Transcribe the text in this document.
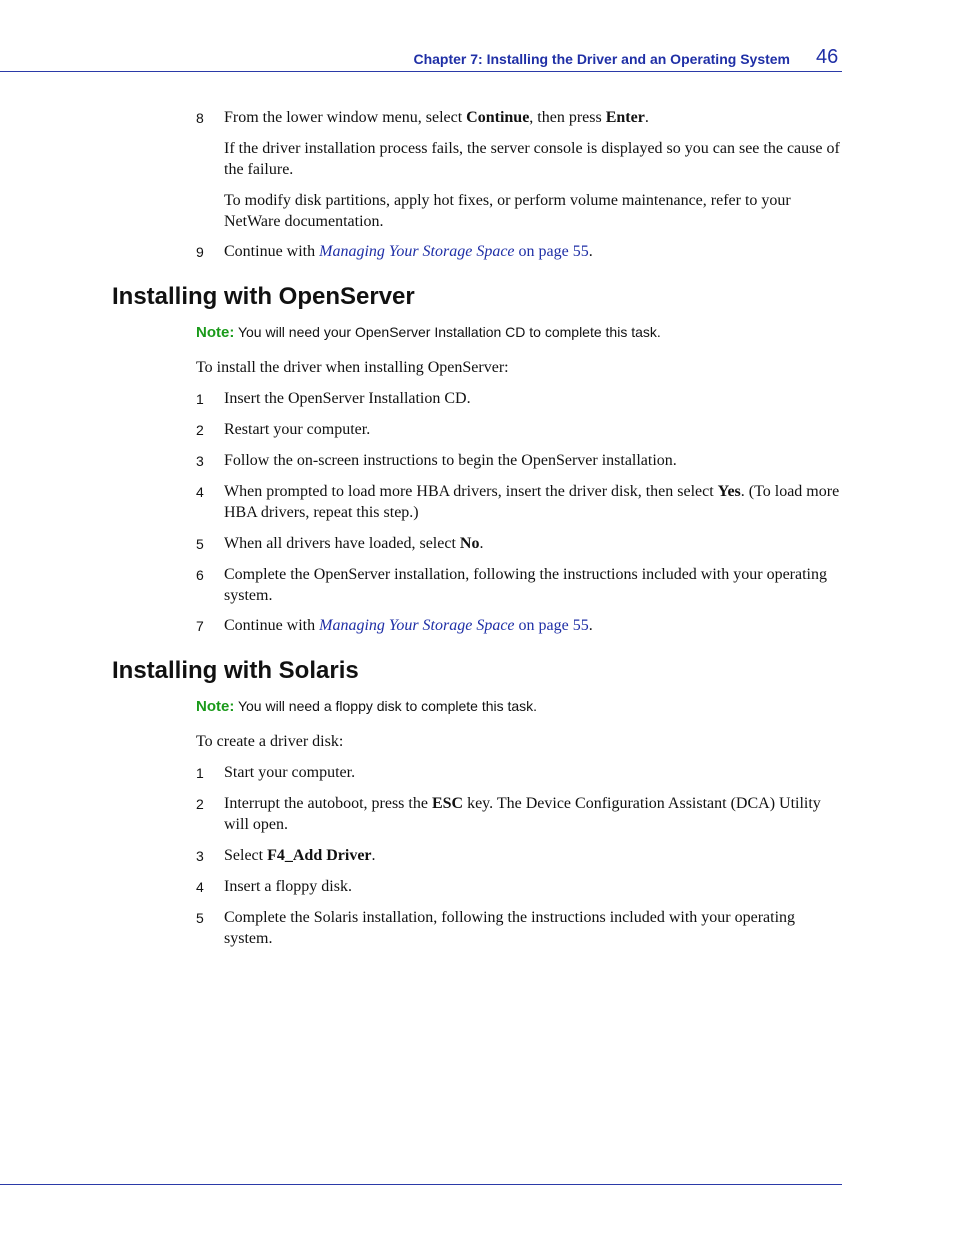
Chapter 7: Installing the Driver and an Operating System 46
8 From the lower window menu, select Continue, then press Enter.
If the driver installation process fails, the server console is displayed so you can see the cause of the failure.
To modify disk partitions, apply hot fixes, or perform volume maintenance, refer to your NetWare documentation.
9 Continue with Managing Your Storage Space on page 55.
Installing with OpenServer
Note: You will need your OpenServer Installation CD to complete this task.
To install the driver when installing OpenServer:
1 Insert the OpenServer Installation CD.
2 Restart your computer.
3 Follow the on-screen instructions to begin the OpenServer installation.
4 When prompted to load more HBA drivers, insert the driver disk, then select Yes. (To load more HBA drivers, repeat this step.)
5 When all drivers have loaded, select No.
6 Complete the OpenServer installation, following the instructions included with your operating system.
7 Continue with Managing Your Storage Space on page 55.
Installing with Solaris
Note: You will need a floppy disk to complete this task.
To create a driver disk:
1 Start your computer.
2 Interrupt the autoboot, press the ESC key. The Device Configuration Assistant (DCA) Utility will open.
3 Select F4_Add Driver.
4 Insert a floppy disk.
5 Complete the Solaris installation, following the instructions included with your operating system.
